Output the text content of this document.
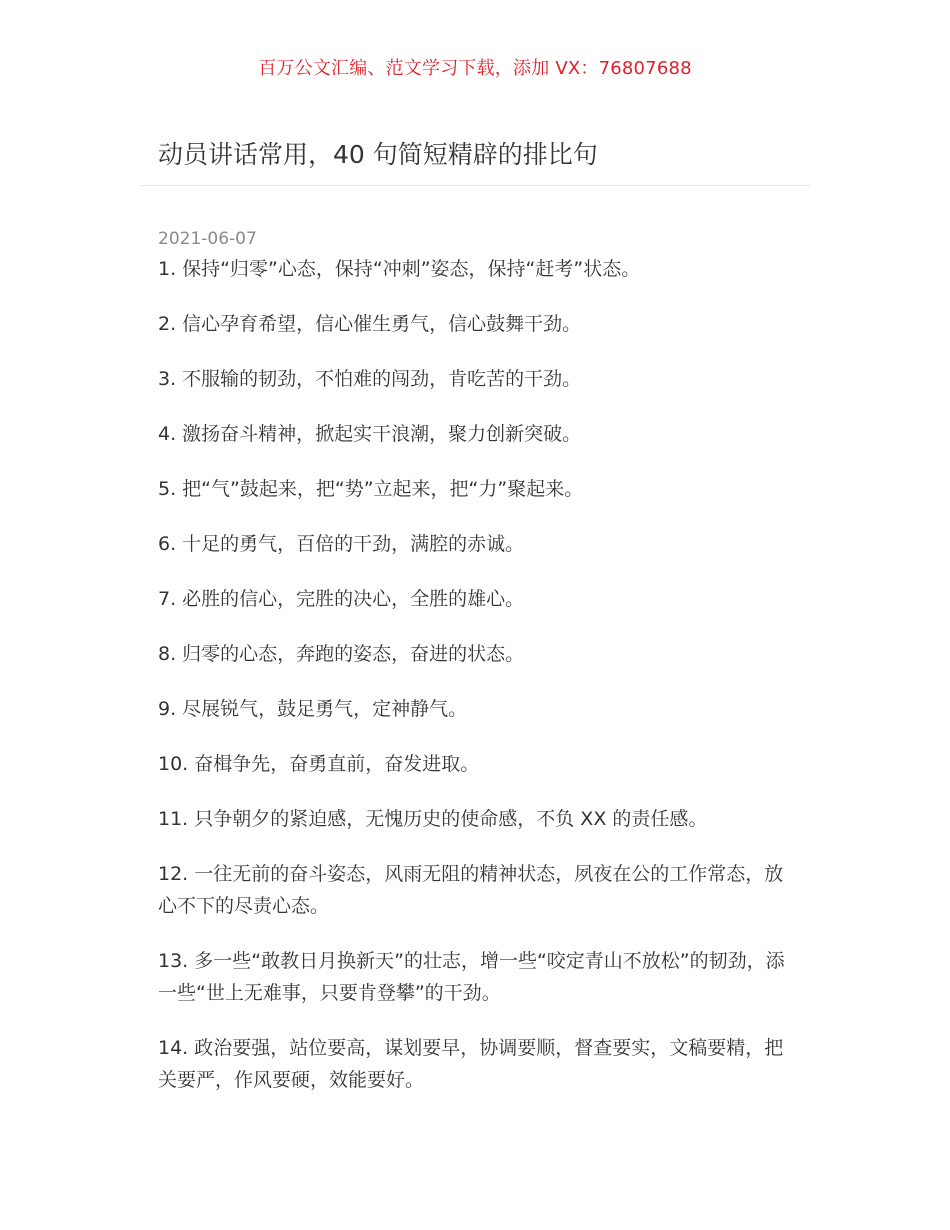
百万公文汇编、范文学习下载，添加 VX：76807688
动员讲话常用，40 句简短精辟的排比句
2021-06-07
1. 保持“归零”心态，保持“冲刺”姿态，保持“赶考”状态。
2. 信心孕育希望，信心催生勇气，信心鼓舞干劲。
3. 不服输的韧劲，不怕难的闯劲，肯吃苦的干劲。
4. 激扬奋斗精神，掀起实干浪潮，聚力创新突破。
5. 把“气”鼓起来，把“势”立起来，把“力”聚起来。
6. 十足的勇气，百倍的干劲，满腔的赤诚。
7. 必胜的信心，完胜的决心，全胜的雄心。
8. 归零的心态，奔跑的姿态，奋进的状态。
9. 尽展锐气，鼓足勇气，定神静气。
10. 奋楫争先，奋勇直前，奋发进取。
11. 只争朝夕的紧迫感，无愧历史的使命感，不负 XX 的责任感。
12. 一往无前的奋斗姿态，风雨无阻的精神状态，夙夜在公的工作常态，放心不下的尽责心态。
13. 多一些“敢教日月换新天”的壮志，增一些“咬定青山不放松”的韧劲，添一些“世上无难事，只要肯登攀”的干劲。
14. 政治要强，站位要高，谋划要早，协调要顺，督查要实，文稿要精，把关要严，作风要硬，效能要好。
